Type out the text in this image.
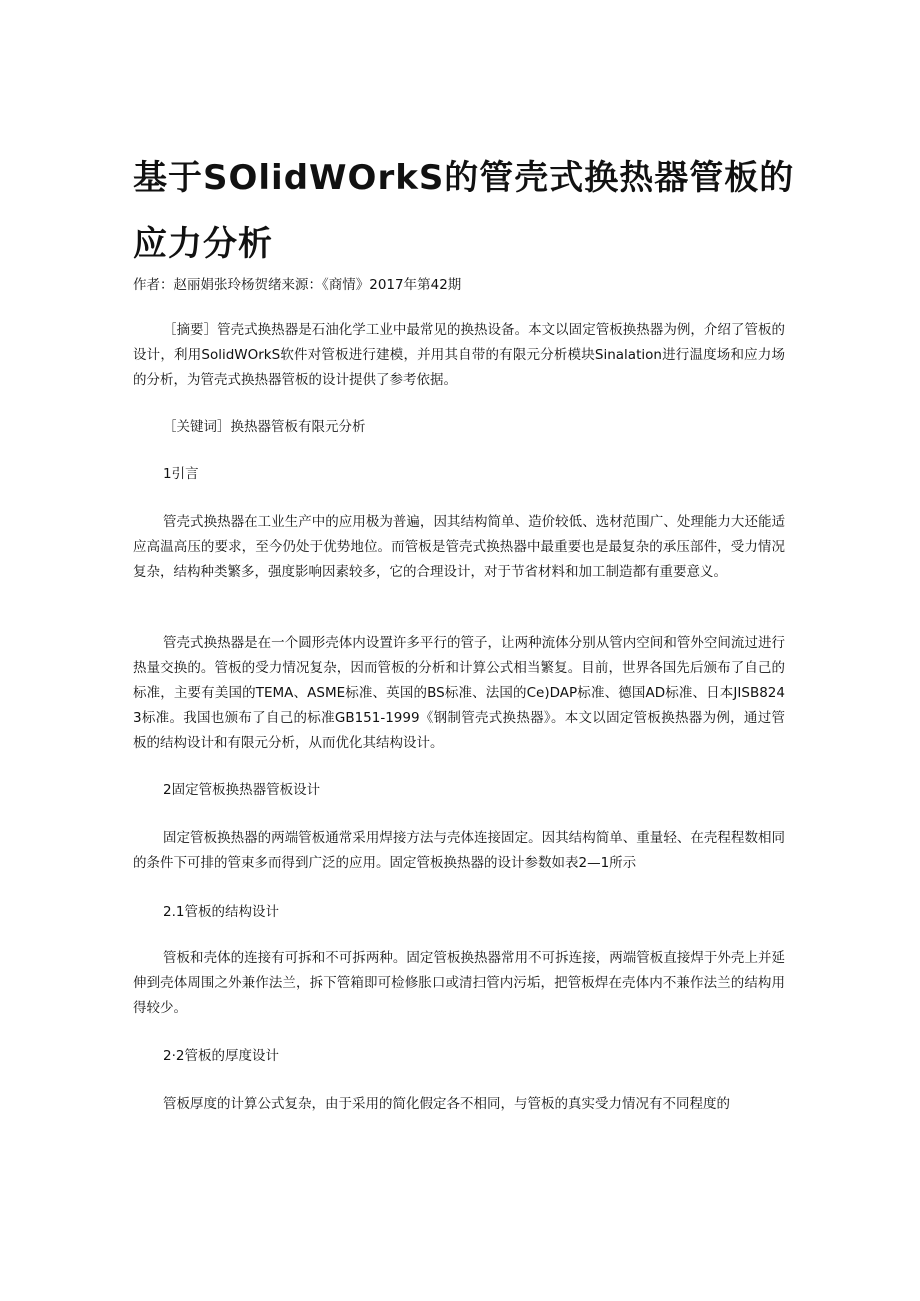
基于SOlidWOrkS的管壳式换热器管板的
应力分析
作者：赵丽娟张玲杨贺绪来源：《商情》2017年第42期

［摘要］管壳式换热器是石油化学工业中最常见的换热设备。本文以固定管板换热器为例，介绍了管板的设计，利用SolidWOrkS软件对管板进行建模，并用其自带的有限元分析模块Sinalation进行温度场和应力场的分析，为管壳式换热器管板的设计提供了参考依据。

［关键词］换热器管板有限元分析
1引言

管壳式换热器在工业生产中的应用极为普遍，因其结构简单、造价较低、选材范围广、处理能力大还能适应高温高压的要求，至今仍处于优势地位。而管板是管壳式换热器中最重要也是最复杂的承压部件，受力情况复杂，结构种类繁多，强度影响因素较多，它的合理设计，对于节省材料和加工制造都有重要意义。

管壳式换热器是在一个圆形壳体内设置许多平行的管子，让两种流体分别从管内空间和管外空间流过进行热量交换的。管板的受力情况复杂，因而管板的分析和计算公式相当繁复。目前，世界各国先后颁布了自己的标准，主要有美国的TEMA、ASME标准、英国的BS标准、法国的Ce)DAP标准、德国AD标准、日本JISB8243标准。我国也颁布了自己的标准GB151-1999《钢制管壳式换热器》。本文以固定管板换热器为例，通过管板的结构设计和有限元分析，从而优化其结构设计。

2固定管板换热器管板设计

固定管板换热器的两端管板通常采用焊接方法与壳体连接固定。因其结构简单、重量轻、在壳程程数相同的条件下可排的管束多而得到广泛的应用。固定管板换热器的设计参数如表2—1所示

2.1管板的结构设计

管板和壳体的连接有可拆和不可拆两种。固定管板换热器常用不可拆连接，两端管板直接焊于外壳上并延伸到壳体周围之外兼作法兰，拆下管箱即可检修胀口或清扫管内污垢，把管板焊在壳体内不兼作法兰的结构用得较少。

2·2管板的厚度设计

管板厚度的计算公式复杂，由于采用的简化假定各不相同，与管板的真实受力情况有不同程度的
